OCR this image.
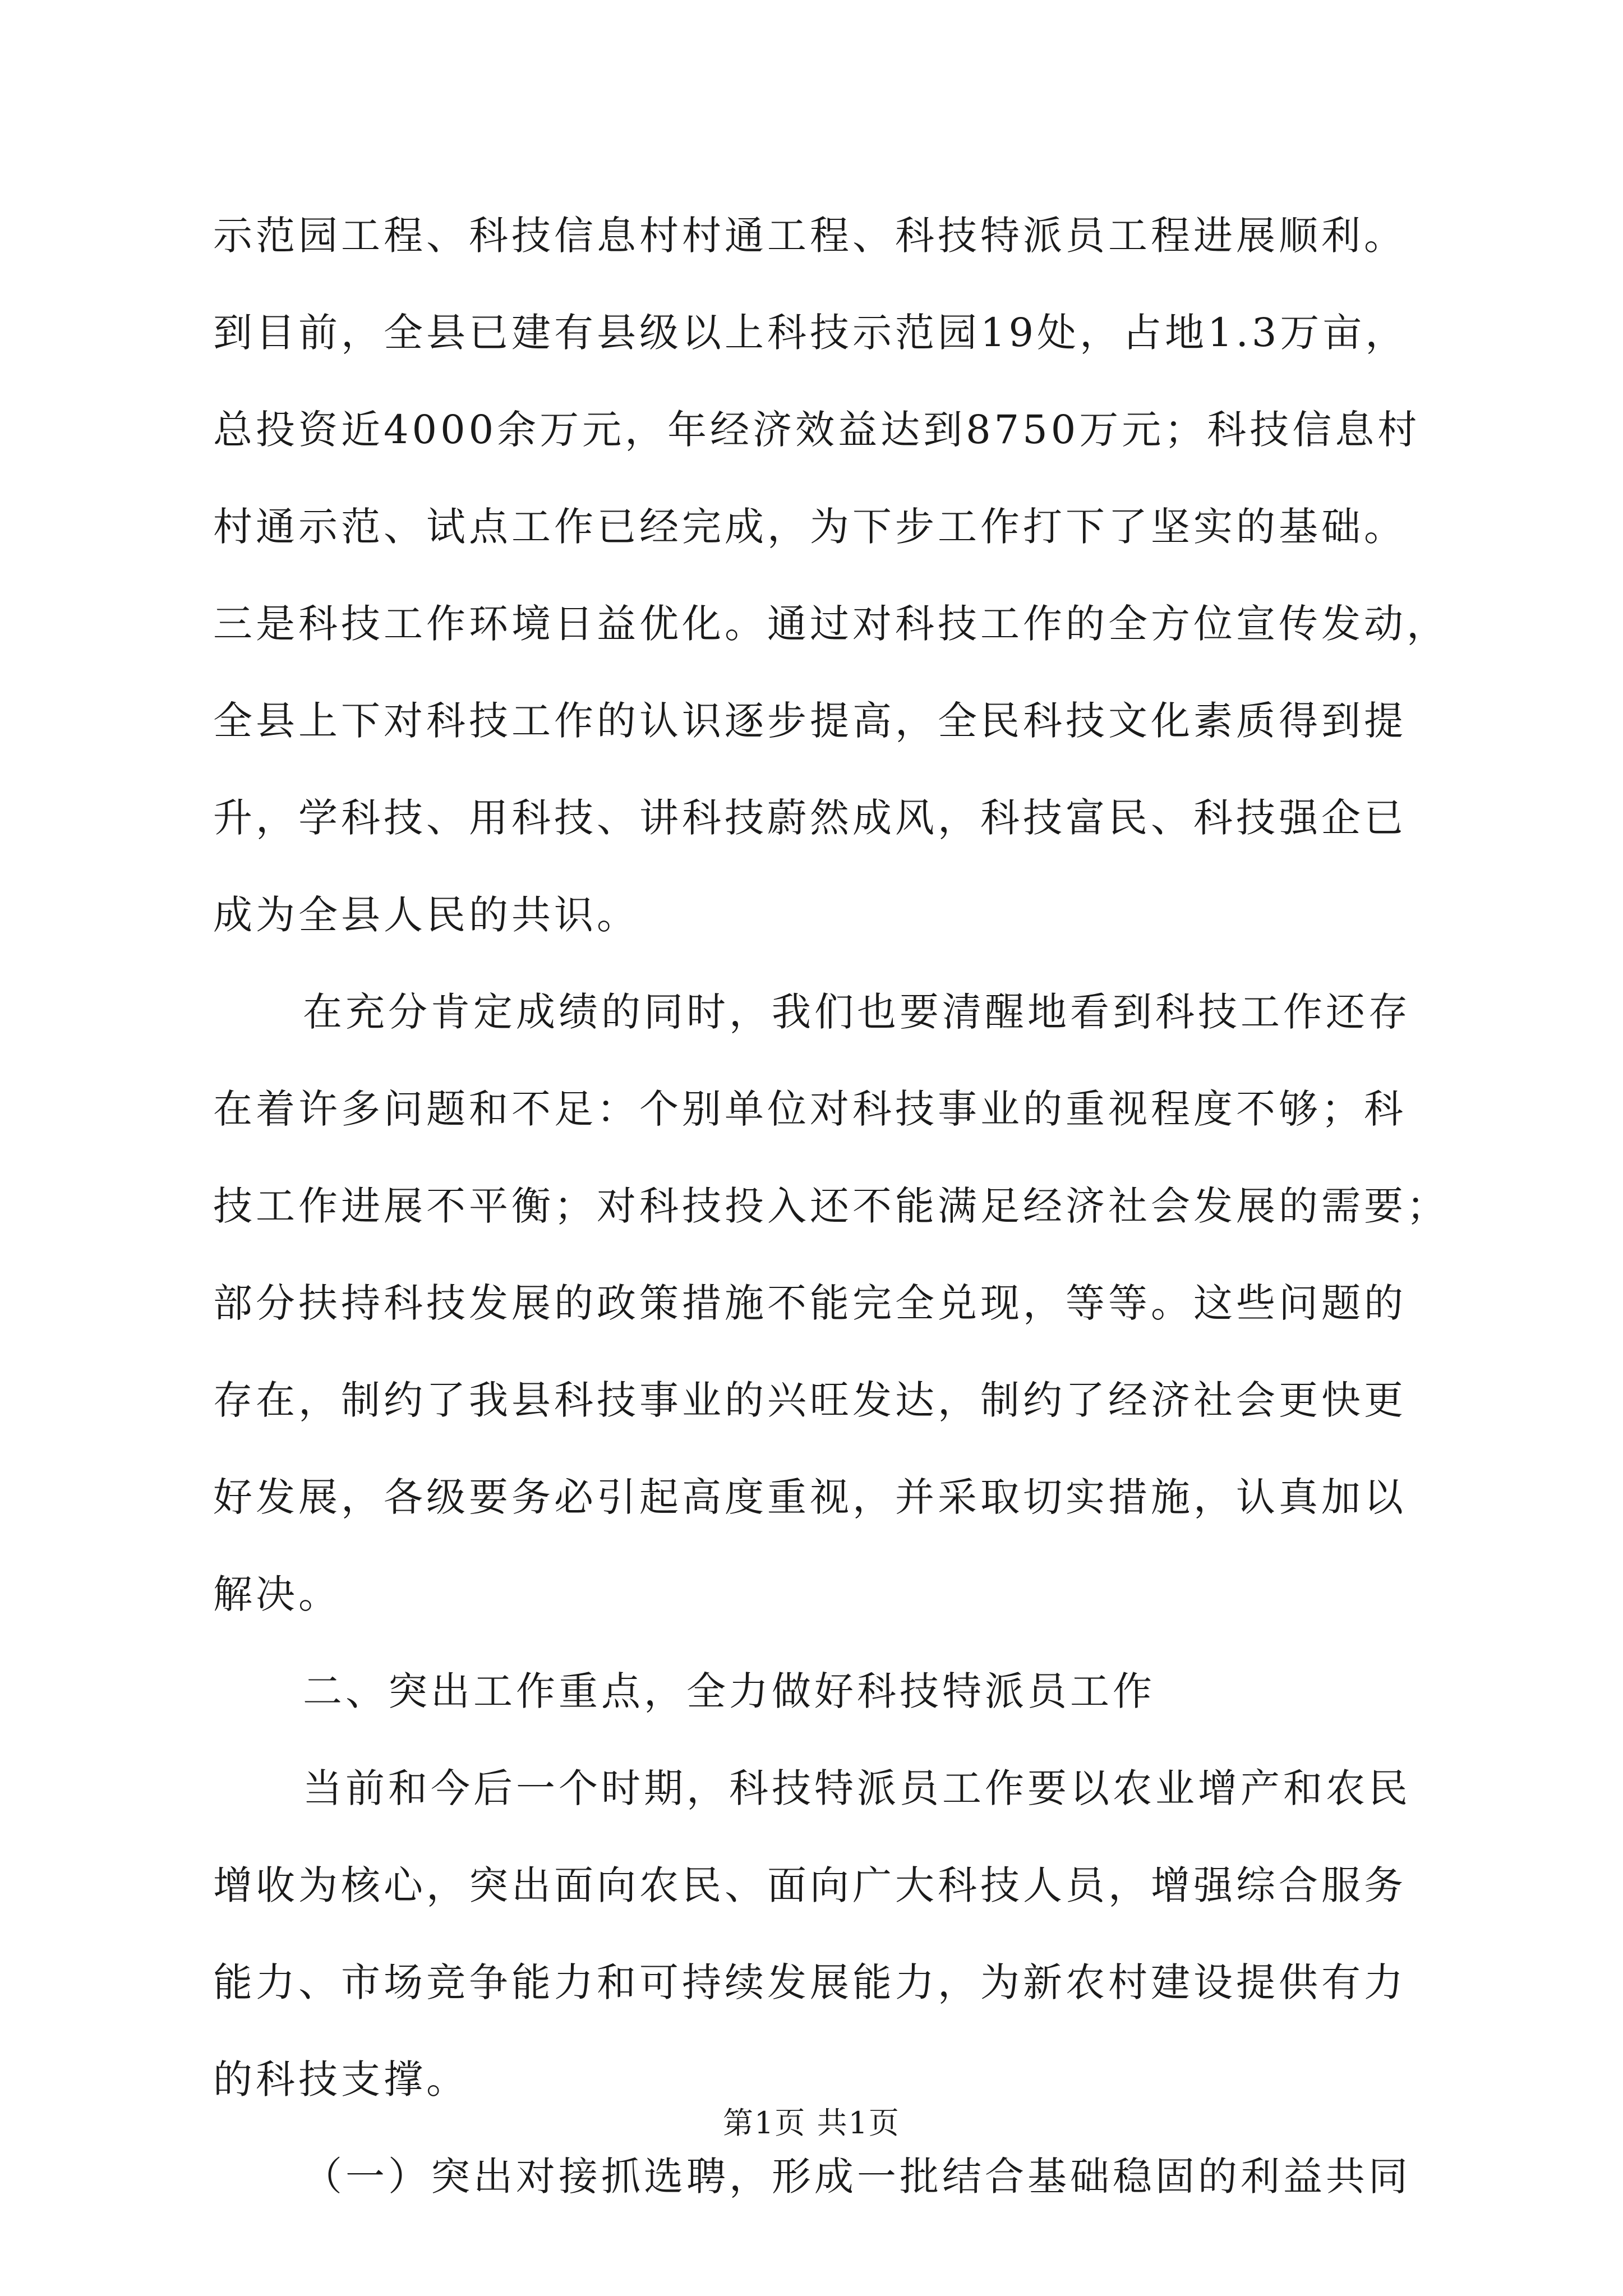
示范园工程、科技信息村村通工程、科技特派员工程进展顺利。
到目前，全县已建有县级以上科技示范园19处，占地1.3万亩，
总投资近4000余万元，年经济效益达到8750万元；科技信息村
村通示范、试点工作已经完成，为下步工作打下了坚实的基础。
三是科技工作环境日益优化。通过对科技工作的全方位宣传发动，
全县上下对科技工作的认识逐步提高，全民科技文化素质得到提
升，学科技、用科技、讲科技蔚然成风，科技富民、科技强企已
成为全县人民的共识。
在充分肯定成绩的同时，我们也要清醒地看到科技工作还存
在着许多问题和不足：个别单位对科技事业的重视程度不够；科
技工作进展不平衡；对科技投入还不能满足经济社会发展的需要；
部分扶持科技发展的政策措施不能完全兑现，等等。这些问题的
存在，制约了我县科技事业的兴旺发达，制约了经济社会更快更
好发展，各级要务必引起高度重视，并采取切实措施，认真加以
解决。
二、突出工作重点，全力做好科技特派员工作
当前和今后一个时期，科技特派员工作要以农业增产和农民
增收为核心，突出面向农民、面向广大科技人员，增强综合服务
能力、市场竞争能力和可持续发展能力，为新农村建设提供有力
的科技支撑。
（一）突出对接抓选聘，形成一批结合基础稳固的利益共同
第1页 共1页
